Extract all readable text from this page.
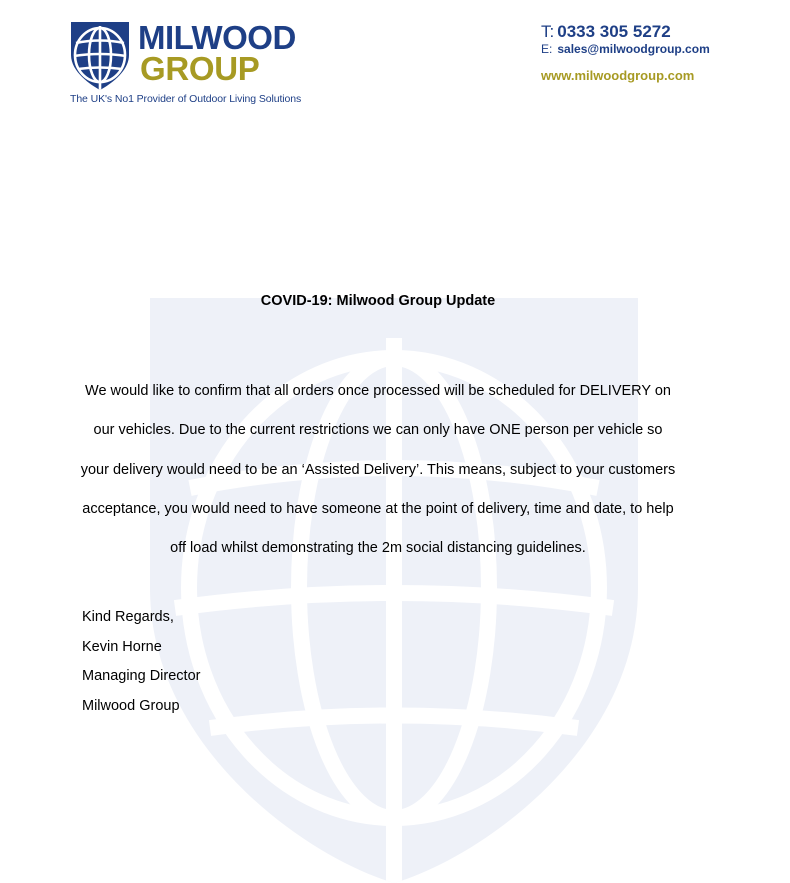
MILWOOD
GROUP
The UK's No1 Provider of Outdoor Living Solutions
T: 0333 305 5272
E: sales@milwoodgroup.com
www.milwoodgroup.com
COVID-19: Milwood Group Update

We would like to confirm that all orders once processed will be scheduled for DELIVERY on our vehicles. Due to the current restrictions we can only have ONE person per vehicle so your delivery would need to be an ‘Assisted Delivery’. This means, subject to your customers acceptance, you would need to have someone at the point of delivery, time and date, to help off load whilst demonstrating the 2m social distancing guidelines.

Kind Regards,
Kevin Horne
Managing Director
Milwood Group
